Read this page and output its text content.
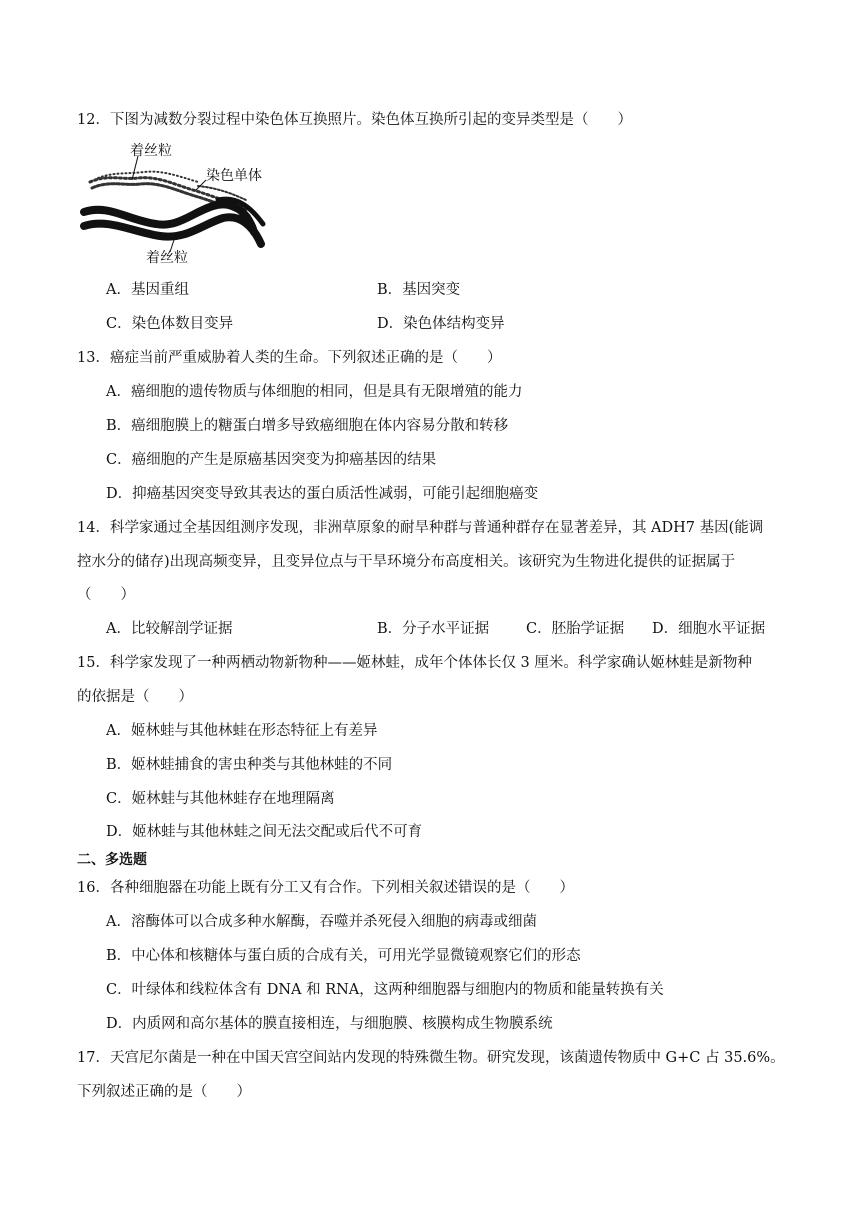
12．下图为减数分裂过程中染色体互换照片。染色体互换所引起的变异类型是（　　）
着丝粒
染色单体
着丝粒
A．基因重组	B．基因突变
C．染色体数目变异	D．染色体结构变异
13．癌症当前严重威胁着人类的生命。下列叙述正确的是（　　）
A．癌细胞的遗传物质与体细胞的相同，但是具有无限增殖的能力
B．癌细胞膜上的糖蛋白增多导致癌细胞在体内容易分散和转移
C．癌细胞的产生是原癌基因突变为抑癌基因的结果
D．抑癌基因突变导致其表达的蛋白质活性减弱，可能引起细胞癌变
14．科学家通过全基因组测序发现，非洲草原象的耐旱种群与普通种群存在显著差异，其 ADH7 基因(能调
控水分的储存)出现高频变异，且变异位点与干旱环境分布高度相关。该研究为生物进化提供的证据属于
（　　）
A．比较解剖学证据	B．分子水平证据	C．胚胎学证据 D．细胞水平证据
15．科学家发现了一种两栖动物新物种——姬林蛙，成年个体体长仅 3 厘米。科学家确认姬林蛙是新物种
的依据是（　　）
A．姬林蛙与其他林蛙在形态特征上有差异
B．姬林蛙捕食的害虫种类与其他林蛙的不同
C．姬林蛙与其他林蛙存在地理隔离
D．姬林蛙与其他林蛙之间无法交配或后代不可育
二、多选题
16．各种细胞器在功能上既有分工又有合作。下列相关叙述错误的是（　　）
A．溶酶体可以合成多种水解酶，吞噬并杀死侵入细胞的病毒或细菌
B．中心体和核糖体与蛋白质的合成有关，可用光学显微镜观察它们的形态
C．叶绿体和线粒体含有 DNA 和 RNA，这两种细胞器与细胞内的物质和能量转换有关
D．内质网和高尔基体的膜直接相连，与细胞膜、核膜构成生物膜系统
17．天宫尼尔菌是一种在中国天宫空间站内发现的特殊微生物。研究发现，该菌遗传物质中 G+C 占 35.6%。
下列叙述正确的是（　　）
